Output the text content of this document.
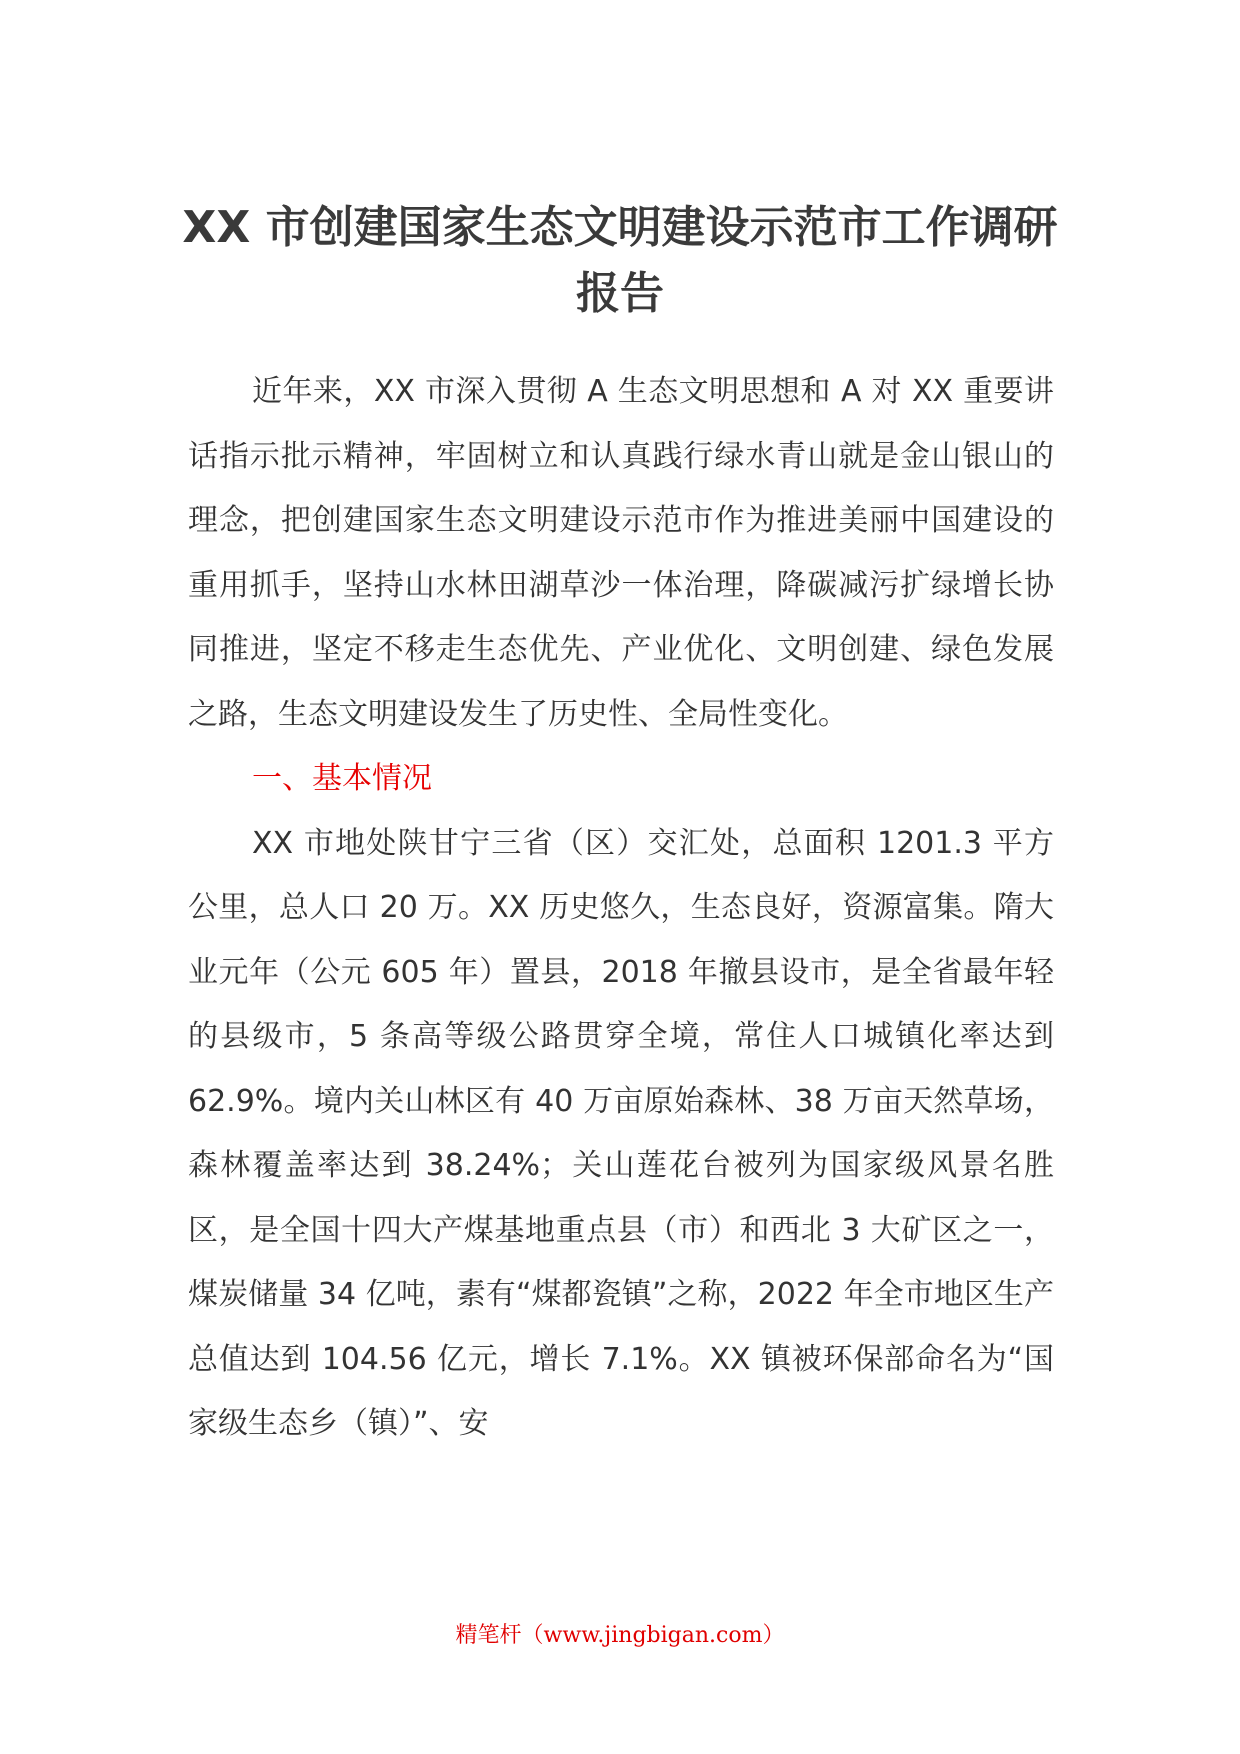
XX 市创建国家生态文明建设示范市工作调研报告

近年来，XX 市深入贯彻 A 生态文明思想和 A 对 XX 重要讲话指示批示精神，牢固树立和认真践行绿水青山就是金山银山的理念，把创建国家生态文明建设示范市作为推进美丽中国建设的重用抓手，坚持山水林田湖草沙一体治理，降碳减污扩绿增长协同推进，坚定不移走生态优先、产业优化、文明创建、绿色发展之路，生态文明建设发生了历史性、全局性变化。

一、基本情况

XX 市地处陕甘宁三省（区）交汇处，总面积 1201.3 平方公里，总人口 20 万。XX 历史悠久，生态良好，资源富集。隋大业元年（公元 605 年）置县，2018 年撤县设市，是全省最年轻的县级市，5 条高等级公路贯穿全境，常住人口城镇化率达到 62.9%。境内关山林区有 40 万亩原始森林、38 万亩天然草场，森林覆盖率达到 38.24%；关山莲花台被列为国家级风景名胜区，是全国十四大产煤基地重点县（市）和西北 3 大矿区之一，煤炭储量 34 亿吨，素有“煤都瓷镇”之称，2022 年全市地区生产总值达到 104.56 亿元，增长 7.1%。XX 镇被环保部命名为“国家级生态乡（镇）”、安

精笔杆（www.jingbigan.com）
